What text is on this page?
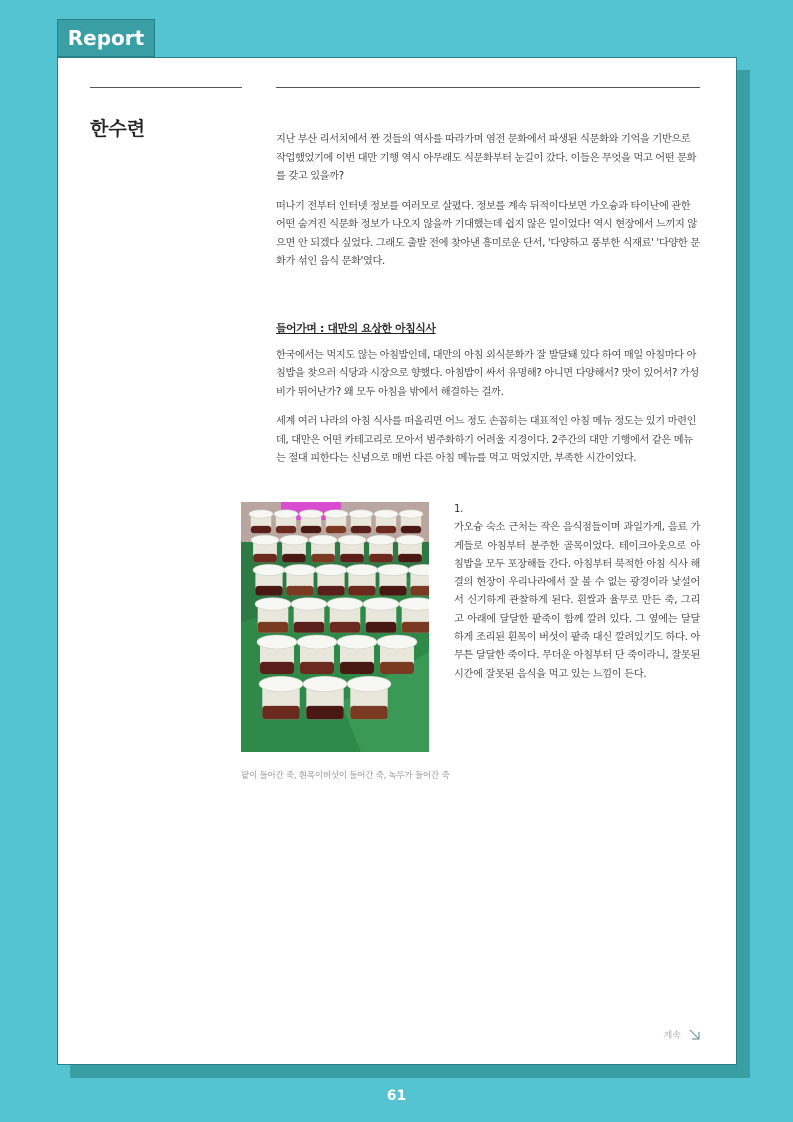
Report
한수련	지난 부산 리서치에서 짠 것들의 역사를 따라가며 염전 문화에서 파생된 식문화와 기억을 기반으로 작업했었기에 이번 대만 기행 역시 아무래도 식문화부터 눈길이 갔다. 이들은 무엇을 먹고 어떤 문화를 갖고 있을까?

떠나기 전부터 인터넷 정보를 여러모로 살폈다. 정보를 계속 뒤적이다보면 가오슝과 타이난에 관한 어떤 숨겨진 식문화 정보가 나오지 않을까 기대했는데 쉽지 않은 일이었다! 역시 현장에서 느끼지 않으면 안 되겠다 싶었다. 그래도 출발 전에 찾아낸 흥미로운 단서, '다양하고 풍부한 식재료' '다양한 문화가 섞인 음식 문화'였다.

들어가며 : 대만의 요상한 아침식사

한국에서는 먹지도 않는 아침밥인데, 대만의 아침 외식문화가 잘 발달돼 있다 하여 매일 아침마다 아침밥을 찾으러 식당과 시장으로 향했다. 아침밥이 싸서 유명해? 아니면 다양해서? 맛이 있어서? 가성비가 뛰어난가? 왜 모두 아침을 밖에서 해결하는 걸까.

세계 여러 나라의 아침 식사를 떠올리면 어느 정도 손꼽히는 대표적인 아침 메뉴 정도는 있기 마련인데, 대만은 어떤 카테고리로 모아서 범주화하기 어려울 지경이다. 2주간의 대만 기행에서 같은 메뉴는 절대 피한다는 신념으로 매번 다른 아침 메뉴를 먹고 먹었지만, 부족한 시간이었다.

1.
가오슝 숙소 근처는 작은 음식점들이며 과일가게, 음료 가게들로 아침부터 분주한 골목이었다. 테이크아웃으로 아침밥을 모두 포장해들 간다. 아침부터 북적한 아침 식사 해결의 현장이 우리나라에서 잘 볼 수 없는 광경이라 낯설어서 신기하게 관찰하게 된다. 흰쌀과 율무로 만든 죽, 그리고 아래에 달달한 팥죽이 함께 깔려 있다. 그 옆에는 달달하게 조리된 흰목이 버섯이 팥죽 대신 깔려있기도 하다. 아무튼 달달한 죽이다. 무더운 아침부터 단 죽이라니, 잘못된 시간에 잘못된 음식을 먹고 있는 느낌이 든다.
팥이 들어간 죽, 흰목이버섯이 들어간 죽, 녹두가 들어간 죽
계속
61
